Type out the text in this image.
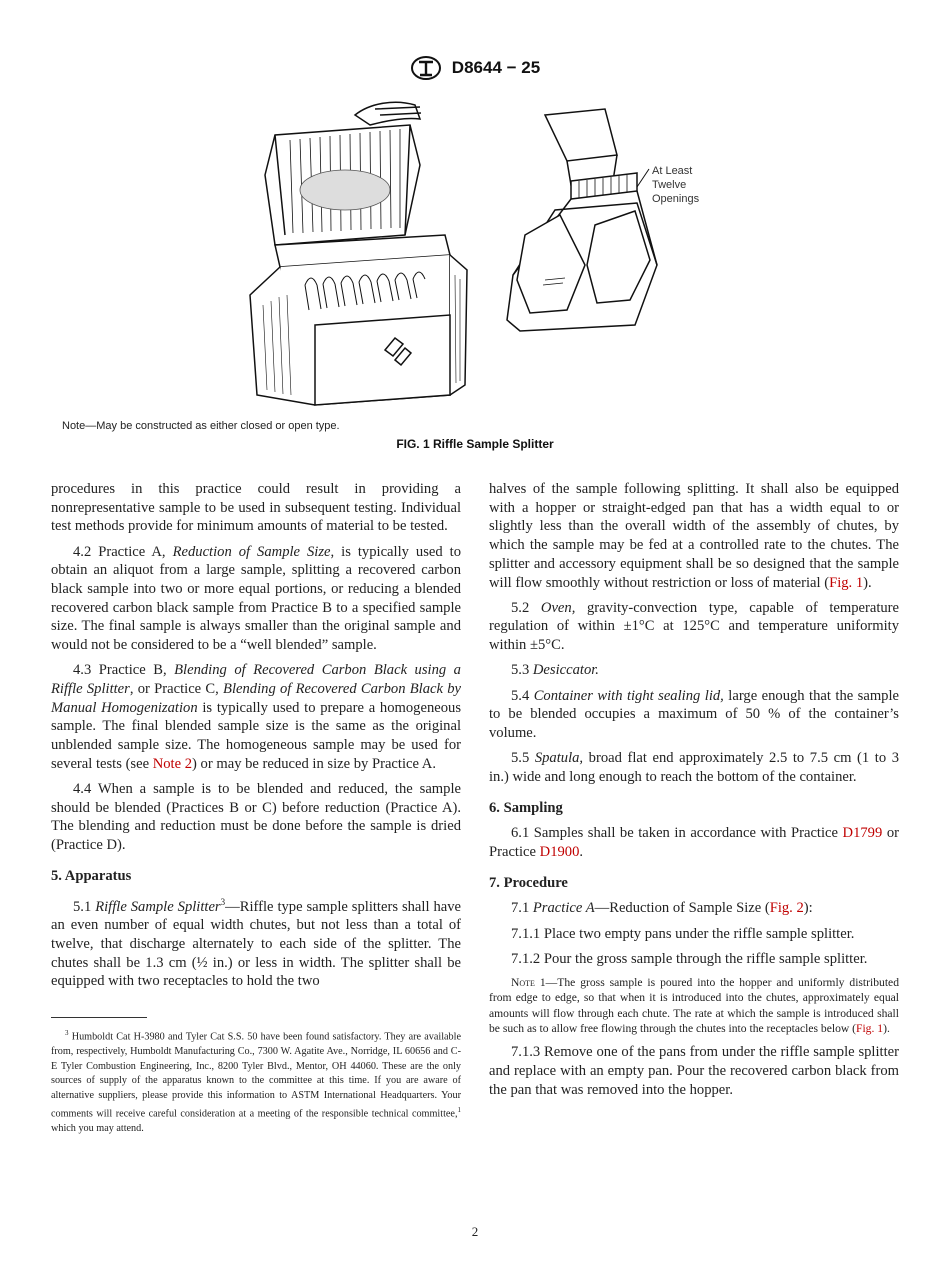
D8644 − 25
At Least
Twelve
Openings
Note—May be constructed as either closed or open type.
FIG. 1 Riffle Sample Splitter

procedures in this practice could result in providing a nonrepresentative sample to be used in subsequent testing. Individual test methods provide for minimum amounts of material to be tested.

4.2 Practice A, Reduction of Sample Size, is typically used to obtain an aliquot from a large sample, splitting a recovered carbon black sample into two or more equal portions, or reducing a blended recovered carbon black sample from Practice B to a specified sample size. The final sample is always smaller than the original sample and would not be considered to be a “well blended” sample.

4.3 Practice B, Blending of Recovered Carbon Black using a Riffle Splitter, or Practice C, Blending of Recovered Carbon Black by Manual Homogenization is typically used to prepare a homogeneous sample. The final blended sample size is the same as the original unblended sample size. The homogeneous sample may be used for several tests (see Note 2) or may be reduced in size by Practice A.

4.4 When a sample is to be blended and reduced, the sample should be blended (Practices B or C) before reduction (Practice A). The blending and reduction must be done before the sample is dried (Practice D).

5. Apparatus

5.1 Riffle Sample Splitter$^3$—Riffle type sample splitters shall have an even number of equal width chutes, but not less than a total of twelve, that discharge alternately to each side of the splitter. The chutes shall be 1.3 cm (½ in.) or less in width. The splitter shall be equipped with two receptacles to hold the two

$^3$ Humboldt Cat H-3980 and Tyler Cat S.S. 50 have been found satisfactory. They are available from, respectively, Humboldt Manufacturing Co., 7300 W. Agatite Ave., Norridge, IL 60656 and C-E Tyler Combustion Engineering, Inc., 8200 Tyler Blvd., Mentor, OH 44060. These are the only sources of supply of the apparatus known to the committee at this time. If you are aware of alternative suppliers, please provide this information to ASTM International Headquarters. Your comments will receive careful consideration at a meeting of the responsible technical committee,$^1$ which you may attend.

halves of the sample following splitting. It shall also be equipped with a hopper or straight-edged pan that has a width equal to or slightly less than the overall width of the assembly of chutes, by which the sample may be fed at a controlled rate to the chutes. The splitter and accessory equipment shall be so designed that the sample will flow smoothly without restriction or loss of material (Fig. 1).

5.2 Oven, gravity-convection type, capable of temperature regulation of within ±1°C at 125°C and temperature uniformity within ±5°C.

5.3 Desiccator.

5.4 Container with tight sealing lid, large enough that the sample to be blended occupies a maximum of 50 % of the container’s volume.

5.5 Spatula, broad flat end approximately 2.5 to 7.5 cm (1 to 3 in.) wide and long enough to reach the bottom of the container.

6. Sampling

6.1 Samples shall be taken in accordance with Practice D1799 or Practice D1900.

7. Procedure

7.1 Practice A—Reduction of Sample Size (Fig. 2):

7.1.1 Place two empty pans under the riffle sample splitter.

7.1.2 Pour the gross sample through the riffle sample splitter.

Note 1—The gross sample is poured into the hopper and uniformly distributed from edge to edge, so that when it is introduced into the chutes, approximately equal amounts will flow through each chute. The rate at which the sample is introduced shall be such as to allow free flowing through the chutes into the receptacles below (Fig. 1).

7.1.3 Remove one of the pans from under the riffle sample splitter and replace with an empty pan. Pour the recovered carbon black from the pan that was removed into the hopper.

2
